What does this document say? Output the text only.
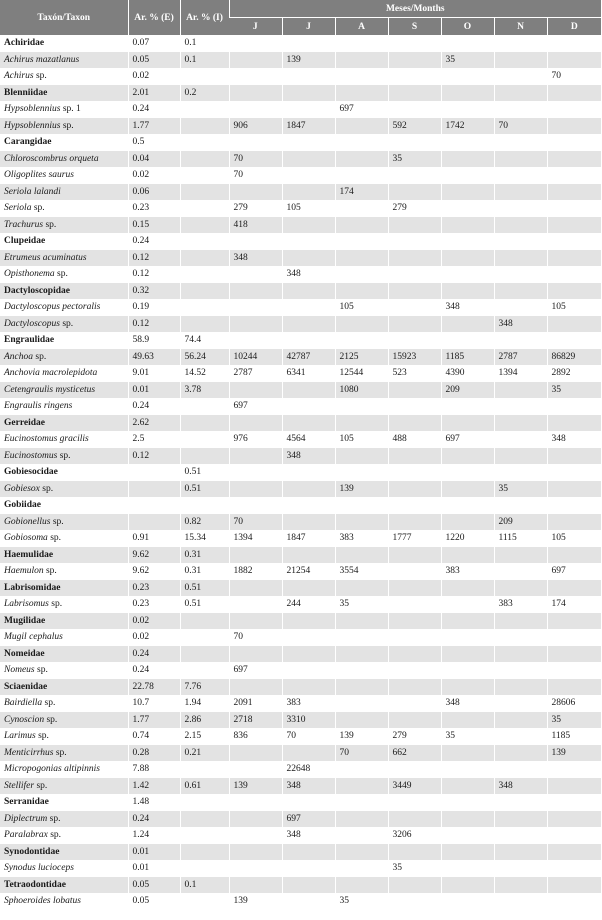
Taxón/Taxon	Ar. % (E)	Ar. % (I)	Meses/Months						
			J	J	A	S	O	N	D
Achiridae	0.07	0.1							
Achirus mazatlanus	0.05	0.1		139			35		
Achirus sp.	0.02								70
Blenniidae	2.01	0.2							
Hypsoblennius sp. 1	0.24				697				
Hypsoblennius sp.	1.77		906	1847		592	1742	70	
Carangidae	0.5								
Chloroscombrus orqueta	0.04		70			35			
Oligoplites saurus	0.02		70						
Seriola lalandi	0.06				174				
Seriola sp.	0.23		279	105		279			
Trachurus sp.	0.15		418						
Clupeidae	0.24								
Etrumeus acuminatus	0.12		348						
Opisthonema sp.	0.12			348					
Dactyloscopidae	0.32								
Dactyloscopus pectoralis	0.19				105		348		105
Dactyloscopus sp.	0.12							348	
Engraulidae	58.9	74.4							
Anchoa sp.	49.63	56.24	10244	42787	2125	15923	1185	2787	86829
Anchovia macrolepidota	9.01	14.52	2787	6341	12544	523	4390	1394	2892
Cetengraulis mysticetus	0.01	3.78			1080		209		35
Engraulis ringens	0.24		697						
Gerreidae	2.62								
Eucinostomus gracilis	2.5		976	4564	105	488	697		348
Eucinostomus sp.	0.12			348					
Gobiesocidae		0.51							
Gobiesox sp.		0.51			139			35	
Gobiidae									
Gobionellus sp.		0.82	70					209	
Gobiosoma sp.	0.91	15.34	1394	1847	383	1777	1220	1115	105
Haemulidae	9.62	0.31							
Haemulon sp.	9.62	0.31	1882	21254	3554		383		697
Labrisomidae	0.23	0.51							
Labrisomus sp.	0.23	0.51		244	35			383	174
Mugilidae	0.02								
Mugil cephalus	0.02		70						
Nomeidae	0.24								
Nomeus sp.	0.24		697						
Sciaenidae	22.78	7.76							
Bairdiella sp.	10.7	1.94	2091	383			348		28606
Cynoscion sp.	1.77	2.86	2718	3310					35
Larimus sp.	0.74	2.15	836	70	139	279	35		1185
Menticirrhus sp.	0.28	0.21			70	662			139
Micropogonias altipinnis	7.88			22648					
Stellifer sp.	1.42	0.61	139	348		3449		348	
Serranidae	1.48								
Diplectrum sp.	0.24			697					
Paralabrax sp.	1.24			348		3206			
Synodontidae	0.01								
Synodus lucioceps	0.01					35			
Tetraodontidae	0.05	0.1							
Sphoeroides lobatus	0.05		139		35				
